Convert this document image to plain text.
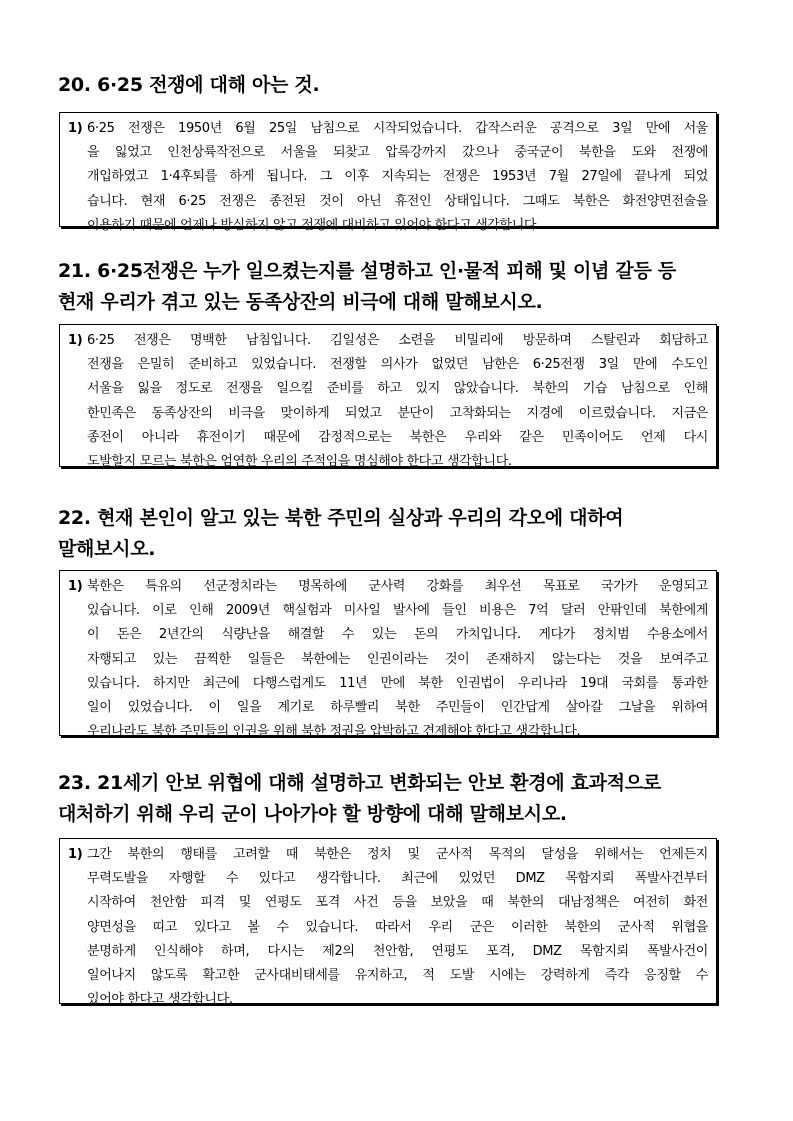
20. 6·25 전쟁에 대해 아는 것.
1) 6·25 전쟁은 1950년 6월 25일 남침으로 시작되었습니다. 갑작스러운 공격으로 3일 만에 서울
을 잃었고 인천상륙작전으로 서울을 되찾고 압록강까지 갔으나 중국군이 북한을 도와 전쟁에
개입하였고 1·4후퇴를 하게 됩니다. 그 이후 지속되는 전쟁은 1953년 7월 27일에 끝나게 되었
습니다. 현재 6·25 전쟁은 종전된 것이 아닌 휴전인 상태입니다. 그때도 북한은 화전양면전술을
이용하기 때문에 언제나 방심하지 않고 전쟁에 대비하고 있어야 한다고 생각합니다.
21. 6·25전쟁은 누가 일으켰는지를 설명하고 인·물적 피해 및 이념 갈등 등
현재 우리가 겪고 있는 동족상잔의 비극에 대해 말해보시오.
1) 6·25 전쟁은 명백한 남침입니다. 김일성은 소련을 비밀리에 방문하며 스탈린과 회담하고
전쟁을 은밀히 준비하고 있었습니다. 전쟁할 의사가 없었던 남한은 6·25전쟁 3일 만에 수도인
서울을 잃을 정도로 전쟁을 일으킬 준비를 하고 있지 않았습니다. 북한의 기습 남침으로 인해
한민족은 동족상잔의 비극을 맞이하게 되었고 분단이 고착화되는 지경에 이르렀습니다. 지금은
종전이 아니라 휴전이기 때문에 감정적으로는 북한은 우리와 같은 민족이어도 언제 다시
도발할지 모르는 북한은 엄연한 우리의 주적임을 명심해야 한다고 생각합니다.
22. 현재 본인이 알고 있는 북한 주민의 실상과 우리의 각오에 대하여
말해보시오.
1) 북한은 특유의 선군정치라는 명목하에 군사력 강화를 최우선 목표로 국가가 운영되고
있습니다. 이로 인해 2009년 핵실험과 미사일 발사에 들인 비용은 7억 달러 안팎인데 북한에게
이 돈은 2년간의 식량난을 해결할 수 있는 돈의 가치입니다. 게다가 정치범 수용소에서
자행되고 있는 끔찍한 일들은 북한에는 인권이라는 것이 존재하지 않는다는 것을 보여주고
있습니다. 하지만 최근에 다행스럽게도 11년 만에 북한 인권법이 우리나라 19대 국회를 통과한
일이 있었습니다. 이 일을 계기로 하루빨리 북한 주민들이 인간답게 살아갈 그날을 위하여
우리나라도 북한 주민들의 인권을 위해 북한 정권을 압박하고 견제해야 한다고 생각합니다.
23. 21세기 안보 위협에 대해 설명하고 변화되는 안보 환경에 효과적으로
대처하기 위해 우리 군이 나아가야 할 방향에 대해 말해보시오.
1) 그간 북한의 행태를 고려할 때 북한은 정치 및 군사적 목적의 달성을 위해서는 언제든지
무력도발을 자행할 수 있다고 생각합니다. 최근에 있었던 DMZ 목함지뢰 폭발사건부터
시작하여 천안함 피격 및 연평도 포격 사건 등을 보았을 때 북한의 대남정책은 여전히 화전
양면성을 띠고 있다고 볼 수 있습니다. 따라서 우리 군은 이러한 북한의 군사적 위협을
분명하게 인식해야 하며, 다시는 제2의 천안함, 연평도 포격, DMZ 목함지뢰 폭발사건이
일어나지 않도록 확고한 군사대비태세를 유지하고, 적 도발 시에는 강력하게 즉각 응징할 수
있어야 한다고 생각합니다.
